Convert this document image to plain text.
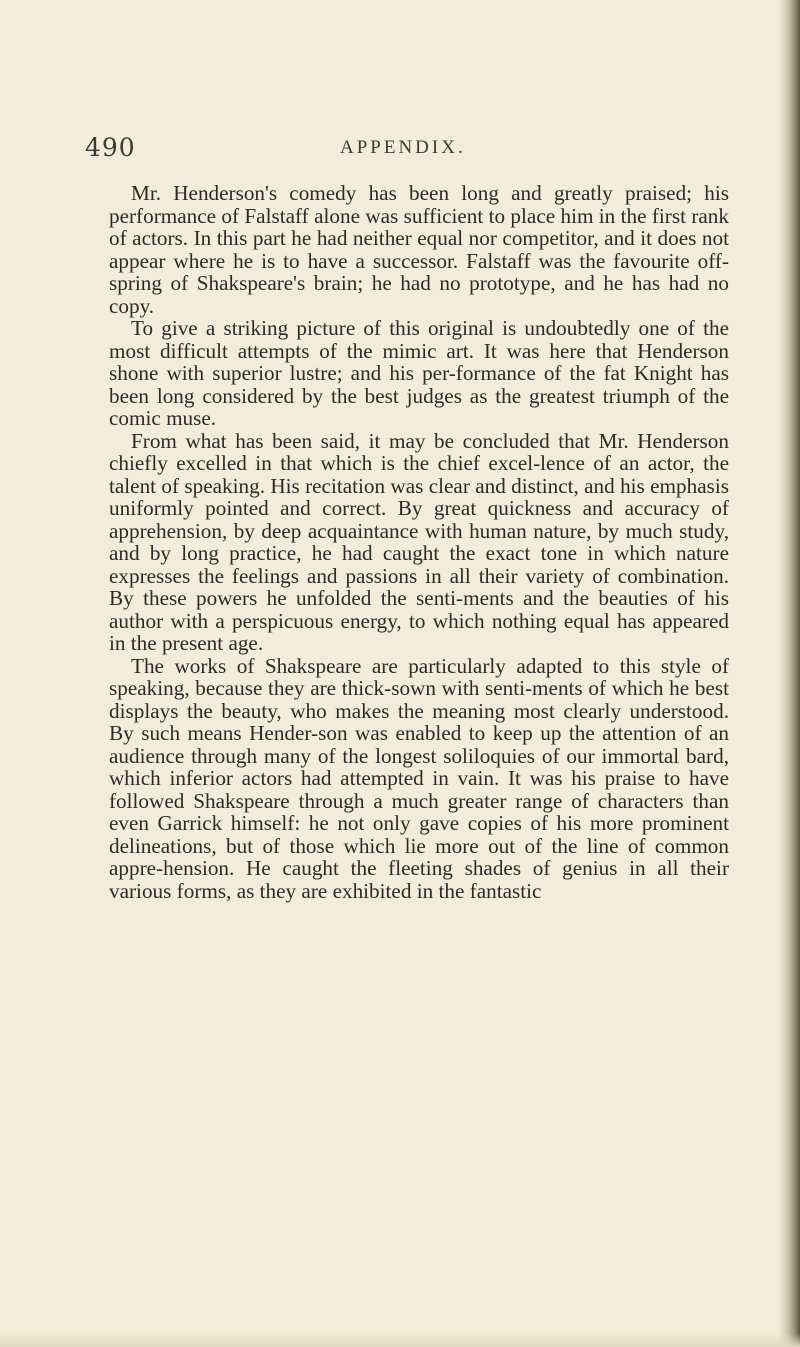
490	APPENDIX.

Mr. Henderson's comedy has been long and greatly praised; his performance of Falstaff alone was sufficient to place him in the first rank of actors. In this part he had neither equal nor competitor, and it does not appear where he is to have a successor. Falstaff was the favourite off-spring of Shakspeare's brain; he had no prototype, and he has had no copy.

To give a striking picture of this original is undoubtedly one of the most difficult attempts of the mimic art. It was here that Henderson shone with superior lustre; and his per-formance of the fat Knight has been long considered by the best judges as the greatest triumph of the comic muse.

From what has been said, it may be concluded that Mr. Henderson chiefly excelled in that which is the chief excel-lence of an actor, the talent of speaking. His recitation was clear and distinct, and his emphasis uniformly pointed and correct. By great quickness and accuracy of apprehension, by deep acquaintance with human nature, by much study, and by long practice, he had caught the exact tone in which nature expresses the feelings and passions in all their variety of combination. By these powers he unfolded the senti-ments and the beauties of his author with a perspicuous energy, to which nothing equal has appeared in the present age.

The works of Shakspeare are particularly adapted to this style of speaking, because they are thick-sown with senti-ments of which he best displays the beauty, who makes the meaning most clearly understood. By such means Hender-son was enabled to keep up the attention of an audience through many of the longest soliloquies of our immortal bard, which inferior actors had attempted in vain. It was his praise to have followed Shakspeare through a much greater range of characters than even Garrick himself: he not only gave copies of his more prominent delineations, but of those which lie more out of the line of common appre-hension. He caught the fleeting shades of genius in all their various forms, as they are exhibited in the fantastic
